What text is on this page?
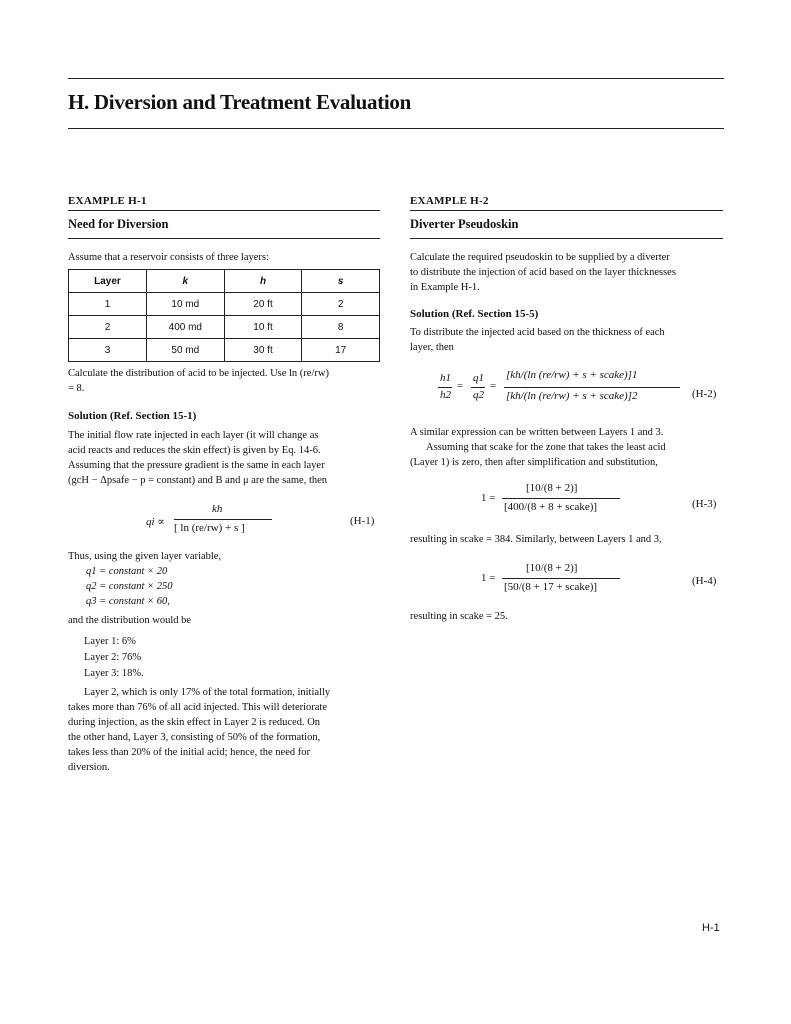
H. Diversion and Treatment Evaluation
EXAMPLE H-1
Need for Diversion
Assume that a reservoir consists of three layers:
Layer	k	h	s
1	10 md	20 ft	2
2	400 md	10 ft	8
3	50 md	30 ft	17
Calculate the distribution of acid to be injected. Use ln (re/rw)
= 8.
Solution (Ref. Section 15-1)
The initial flow rate injected in each layer (it will change as
acid reacts and reduces the skin effect) is given by Eq. 14-6.
Assuming that the pressure gradient is the same in each layer
(gcH − Δpsafe − p = constant) and B and μ are the same, then
qi ∝
kh
[ ln (re/rw) + s ]
(H-1)
Thus, using the given layer variable,
q1 = constant × 20
q2 = constant × 250
q3 = constant × 60,
and the distribution would be
Layer 1: 6%
Layer 2: 76%
Layer 3: 18%.
Layer 2, which is only 17% of the total formation, initially
takes more than 76% of all acid injected. This will deteriorate
during injection, as the skin effect in Layer 2 is reduced. On
the other hand, Layer 3, consisting of 50% of the formation,
takes less than 20% of the initial acid; hence, the need for
diversion.
EXAMPLE H-2
Diverter Pseudoskin
Calculate the required pseudoskin to be supplied by a diverter
to distribute the injection of acid based on the layer thicknesses
in Example H-1.
Solution (Ref. Section 15-5)
To distribute the injected acid based on the thickness of each
layer, then
h1
h2
=
q1
q2
=
[kh/(ln (re/rw) + s + scake)]1
[kh/(ln (re/rw) + s + scake)]2	(H-2)
A similar expression can be written between Layers 1 and 3.
Assuming that scake for the zone that takes the least acid
(Layer 1) is zero, then after simplification and substitution,
1 =
[10/(8 + 2)]
[400/(8 + 8 + scake)]	(H-3)
resulting in scake = 384. Similarly, between Layers 1 and 3,
1 =
[10/(8 + 2)]
[50/(8 + 17 + scake)]	(H-4)
resulting in scake = 25.
H-1
